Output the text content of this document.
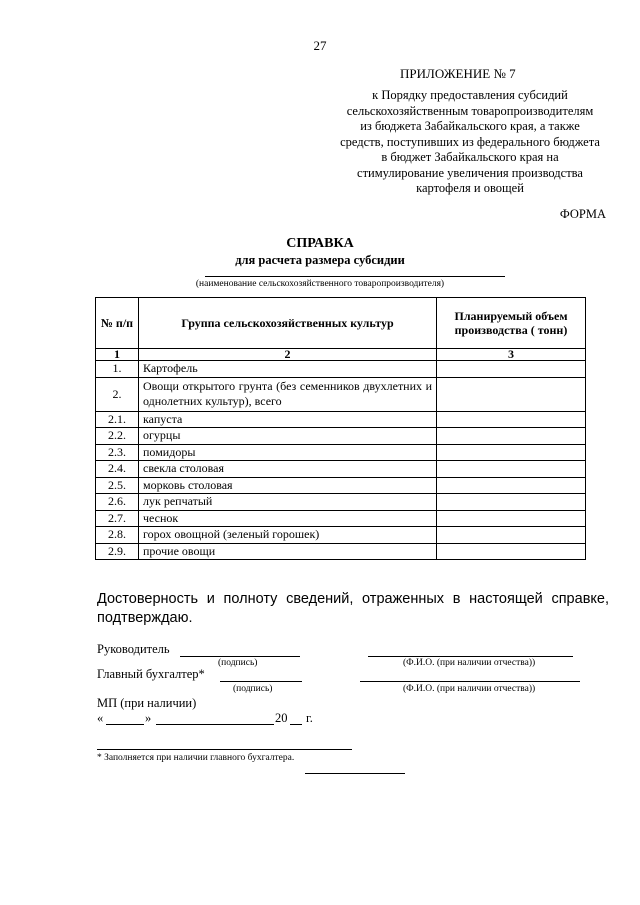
27
ПРИЛОЖЕНИЕ № 7
к Порядку предоставления субсидий
сельскохозяйственным товаропроизводителям
из бюджета Забайкальского края, а также
средств, поступивших из федерального бюджета
в бюджет Забайкальского края на
стимулирование увеличения производства
картофеля и овощей
ФОРМА
СПРАВКА
для расчета размера субсидии
(наименование сельскохозяйственного товаропроизводителя)
№ п/п	Группа сельскохозяйственных культур	Планируемый объем производства ( тонн)
1	2	3
1.	Картофель	
2.	Овощи открытого грунта (без семенников двухлетних и однолетних культур), всего	
2.1.	капуста	
2.2.	огурцы	
2.3.	помидоры	
2.4.	свекла столовая	
2.5.	морковь столовая	
2.6.	лук репчатый	
2.7.	чеснок	
2.8.	горох овощной (зеленый горошек)	
2.9.	прочие овощи	
Достоверность и полноту сведений, отраженных в настоящей справке, подтверждаю.
Руководитель
(подпись)	(Ф.И.О. (при наличии отчества))
Главный бухгалтер*
(подпись)	(Ф.И.О. (при наличии отчества))
МП (при наличии)
«	»	20 г.
* Заполняется при наличии главного бухгалтера.
